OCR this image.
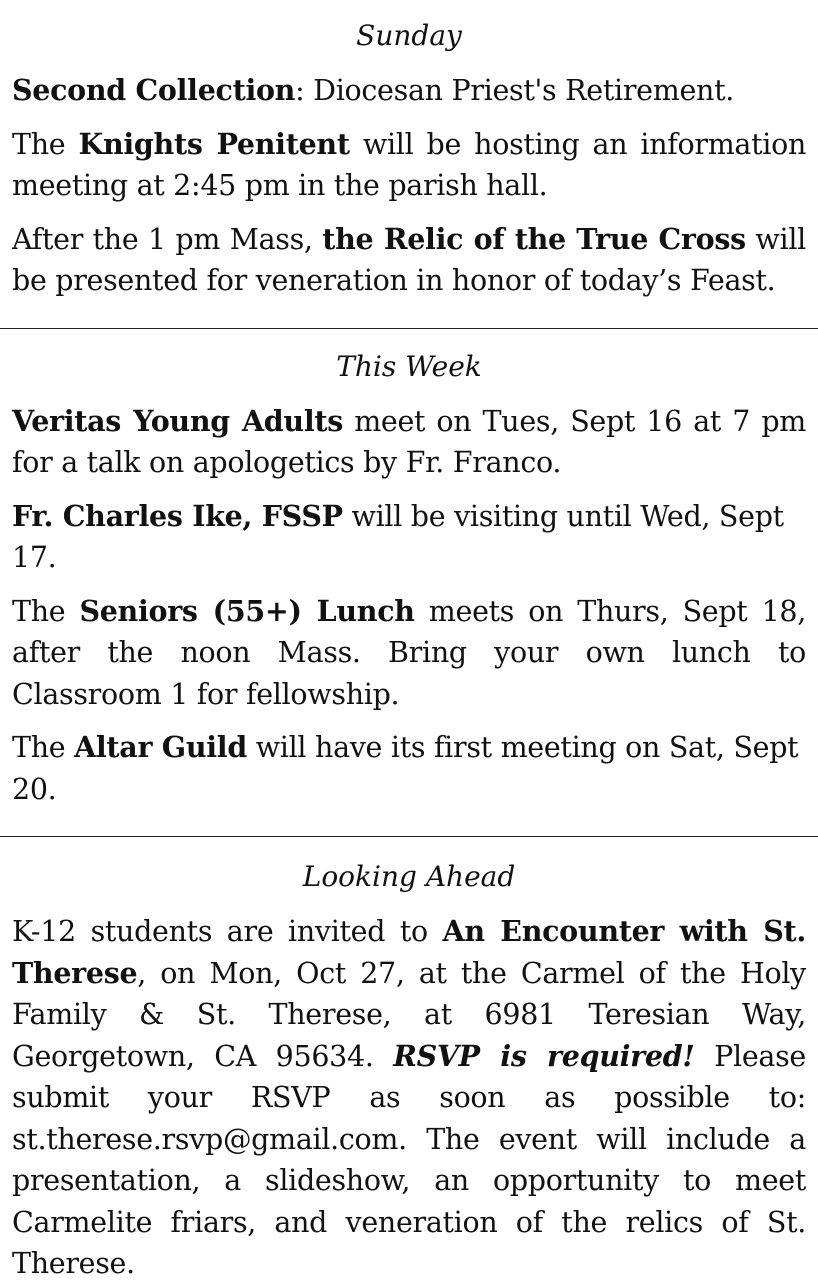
Sunday

Second Collection: Diocesan Priest's Retirement.

The Knights Penitent will be hosting an information meeting at 2:45 pm in the parish hall.

After the 1 pm Mass, the Relic of the True Cross will be presented for veneration in honor of today’s Feast.

This Week

Veritas Young Adults meet on Tues, Sept 16 at 7 pm for a talk on apologetics by Fr. Franco.

Fr. Charles Ike, FSSP will be visiting until Wed, Sept 17.

The Seniors (55+) Lunch meets on Thurs, Sept 18, after the noon Mass. Bring your own lunch to Classroom 1 for fellowship.

The Altar Guild will have its first meeting on Sat, Sept 20.

Looking Ahead

K-12 students are invited to An Encounter with St. Therese, on Mon, Oct 27, at the Carmel of the Holy Family & St. Therese, at 6981 Teresian Way, Georgetown, CA 95634. RSVP is required! Please submit your RSVP as soon as possible to: st.therese.rsvp@gmail.com. The event will include a presentation, a slideshow, an opportunity to meet Carmelite friars, and veneration of the relics of St. Therese.
